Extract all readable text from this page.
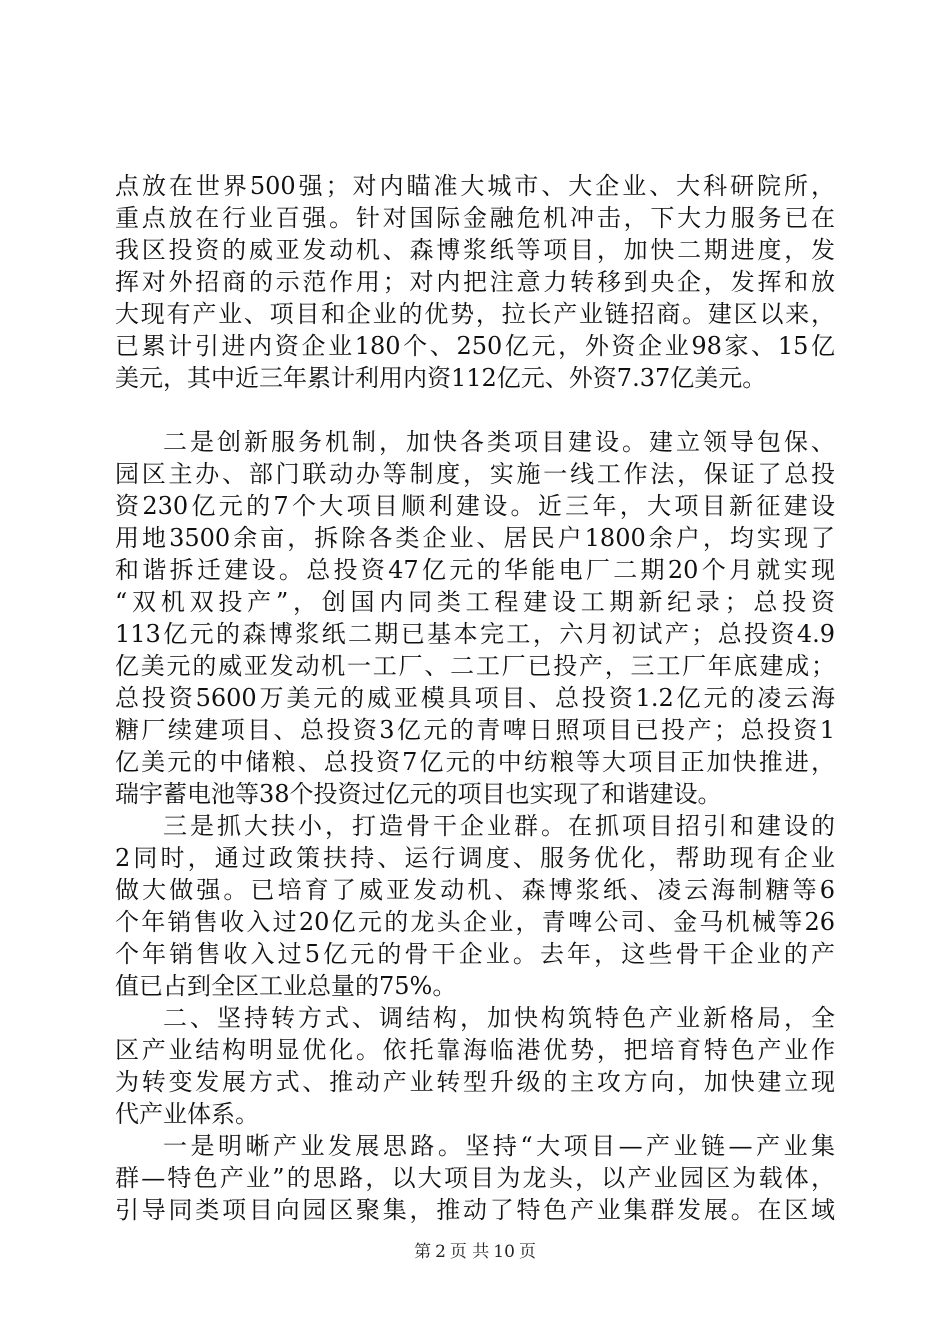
点放在世界500强；对内瞄准大城市、大企业、大科研院所，
重点放在行业百强。针对国际金融危机冲击，下大力服务已在
我区投资的威亚发动机、森博浆纸等项目，加快二期进度，发
挥对外招商的示范作用；对内把注意力转移到央企，发挥和放
大现有产业、项目和企业的优势，拉长产业链招商。建区以来，
已累计引进内资企业180个、250亿元，外资企业98家、15亿
美元，其中近三年累计利用内资112亿元、外资7.37亿美元。
二是创新服务机制，加快各类项目建设。建立领导包保、
园区主办、部门联动办等制度，实施一线工作法，保证了总投
资230亿元的7个大项目顺利建设。近三年，大项目新征建设
用地3500余亩，拆除各类企业、居民户1800余户，均实现了
和谐拆迁建设。总投资47亿元的华能电厂二期20个月就实现
“双机双投产”，创国内同类工程建设工期新纪录；总投资
113亿元的森博浆纸二期已基本完工，六月初试产；总投资4.9
亿美元的威亚发动机一工厂、二工厂已投产，三工厂年底建成；
总投资5600万美元的威亚模具项目、总投资1.2亿元的凌云海
糖厂续建项目、总投资3亿元的青啤日照项目已投产；总投资1
亿美元的中储粮、总投资7亿元的中纺粮等大项目正加快推进，
瑞宇蓄电池等38个投资过亿元的项目也实现了和谐建设。
三是抓大扶小，打造骨干企业群。在抓项目招引和建设的
2同时，通过政策扶持、运行调度、服务优化，帮助现有企业
做大做强。已培育了威亚发动机、森博浆纸、凌云海制糖等6
个年销售收入过20亿元的龙头企业，青啤公司、金马机械等26
个年销售收入过5亿元的骨干企业。去年，这些骨干企业的产
值已占到全区工业总量的75%。
二、坚持转方式、调结构，加快构筑特色产业新格局，全
区产业结构明显优化。依托靠海临港优势，把培育特色产业作
为转变发展方式、推动产业转型升级的主攻方向，加快建立现
代产业体系。
一是明晰产业发展思路。坚持“大项目—产业链—产业集
群—特色产业”的思路，以大项目为龙头，以产业园区为载体，
引导同类项目向园区聚集，推动了特色产业集群发展。在区域
第 2 页 共 10 页
